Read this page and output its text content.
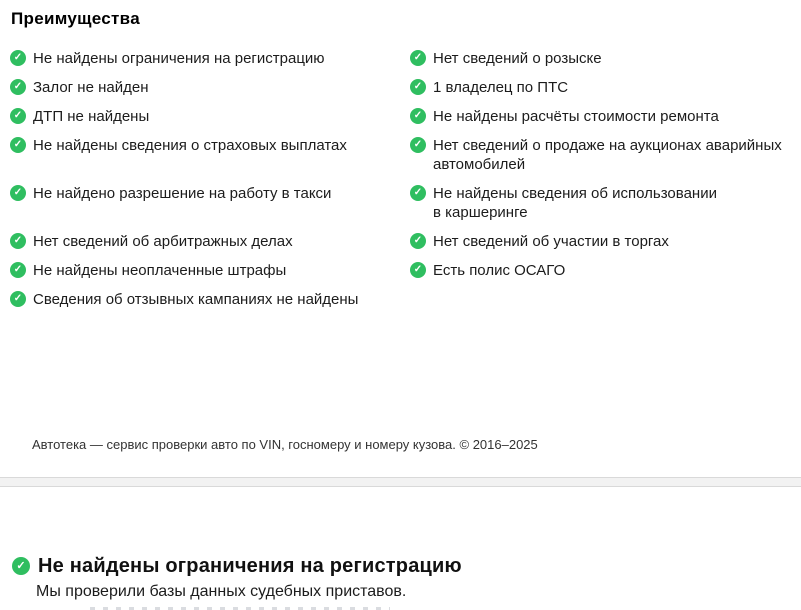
Преимущества
✓ Не найдены ограничения на регистрацию	✓ Нет сведений о розыске
✓ Залог не найден	✓ 1 владелец по ПТС
✓ ДТП не найдены	✓ Не найдены расчёты стоимости ремонта
✓ Не найдены сведения о страховых выплатах	✓ Нет сведений о продаже на аукционах аварийных автомобилей
✓ Не найдено разрешение на работу в такси	✓ Не найдены сведения об использовании в каршеринге
✓ Нет сведений об арбитражных делах	✓ Нет сведений об участии в торгах
✓ Не найдены неоплаченные штрафы	✓ Есть полис ОСАГО
✓ Сведения об отзывных кампаниях не найдены
Автотека — сервис проверки авто по VIN, госномеру и номеру кузова. © 2016–2025
✓ Не найдены ограничения на регистрацию

Мы проверили базы данных судебных приставов.
